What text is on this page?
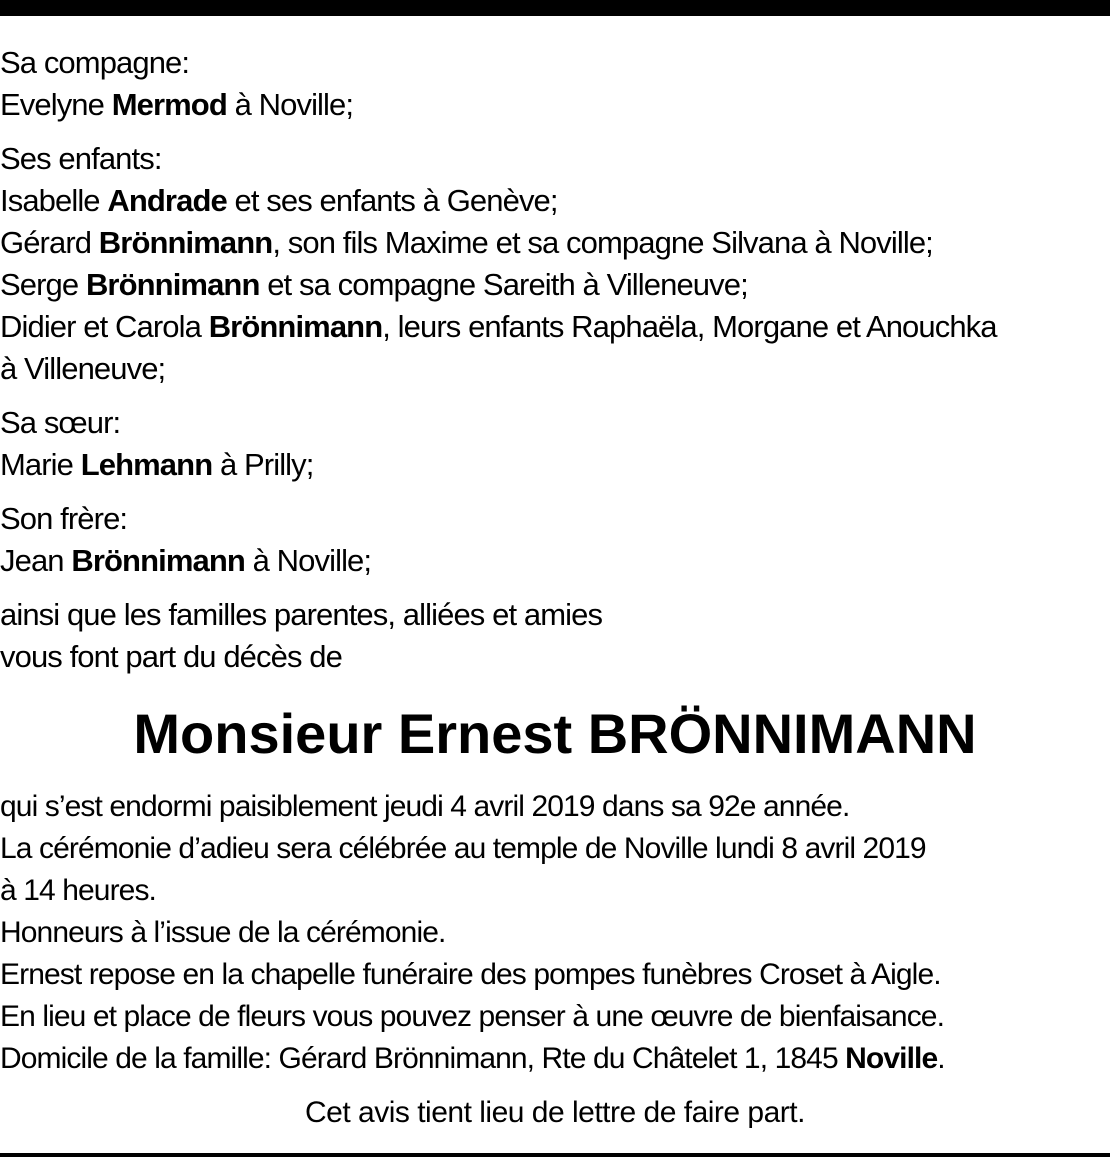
Sa compagne:
Evelyne Mermod à Noville;
Ses enfants:
Isabelle Andrade et ses enfants à Genève;
Gérard Brönnimann, son fils Maxime et sa compagne Silvana à Noville;
Serge Brönnimann et sa compagne Sareith à Villeneuve;
Didier et Carola Brönnimann, leurs enfants Raphaëla, Morgane et Anouchka
à Villeneuve;
Sa sœur:
Marie Lehmann à Prilly;
Son frère:
Jean Brönnimann à Noville;
ainsi que les familles parentes, alliées et amies
vous font part du décès de
Monsieur Ernest BRÖNNIMANN
qui s’est endormi paisiblement jeudi 4 avril 2019 dans sa 92e année.
La cérémonie d’adieu sera célébrée au temple de Noville lundi 8 avril 2019
à 14 heures.
Honneurs à l’issue de la cérémonie.
Ernest repose en la chapelle funéraire des pompes funèbres Croset à Aigle.
En lieu et place de fleurs vous pouvez penser à une œuvre de bienfaisance.
Domicile de la famille: Gérard Brönnimann, Rte du Châtelet 1, 1845 Noville.
Cet avis tient lieu de lettre de faire part.
